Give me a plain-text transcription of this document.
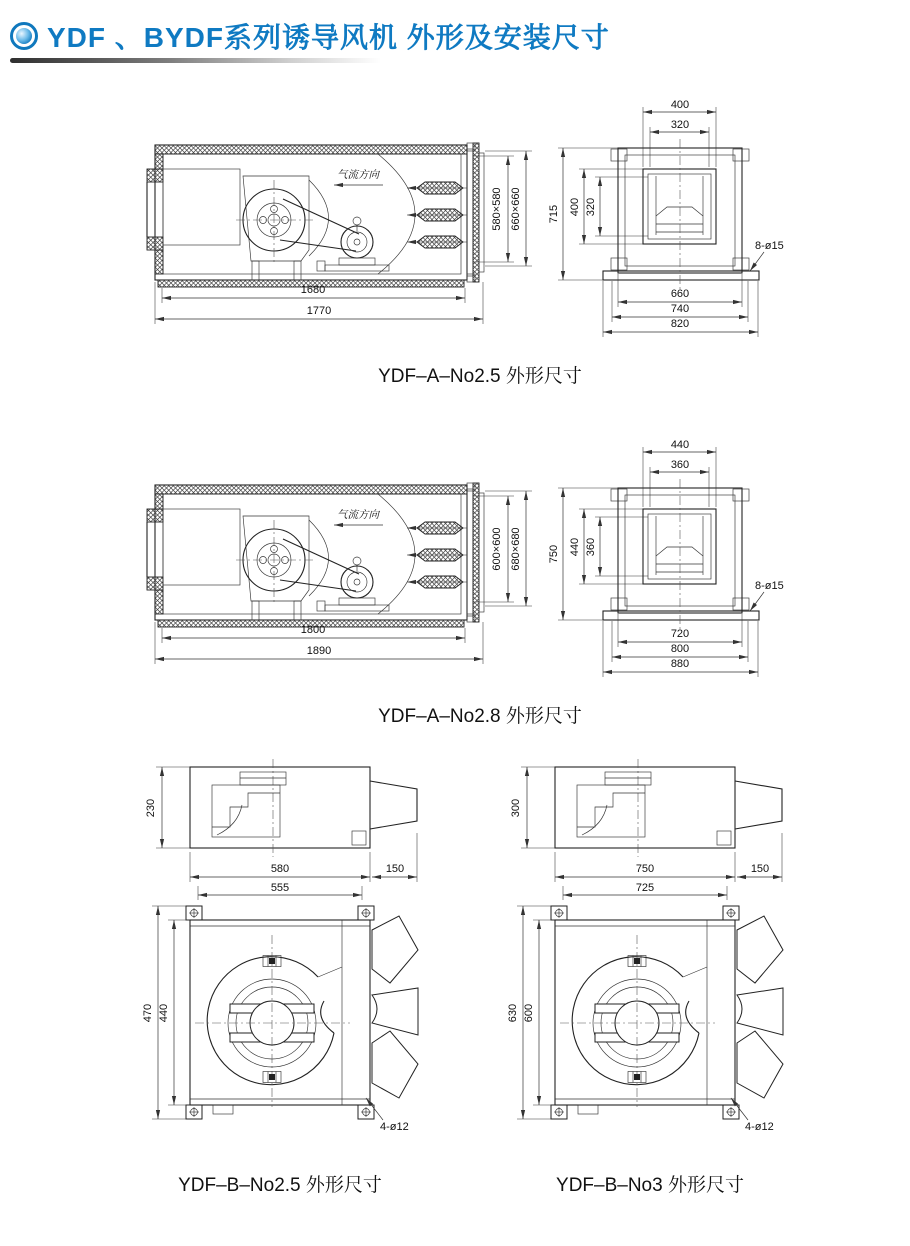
YDF 、BYDF系列诱导风机 外形及安装尺寸
气流方向
1680
1770
580×580 660×660
400
320
715 400 320
660
740
820
8-ø15
YDF–A–No2.5 外形尺寸
气流方向
1800
1890
600×600 680×680
440
360
750 440 360
720
800
880
8-ø15
YDF–A–No2.8 外形尺寸
230
580
555
150
470 440
4-ø12
YDF–B–No2.5 外形尺寸
300
750
725
150
630 600
4-ø12
YDF–B–No3 外形尺寸
